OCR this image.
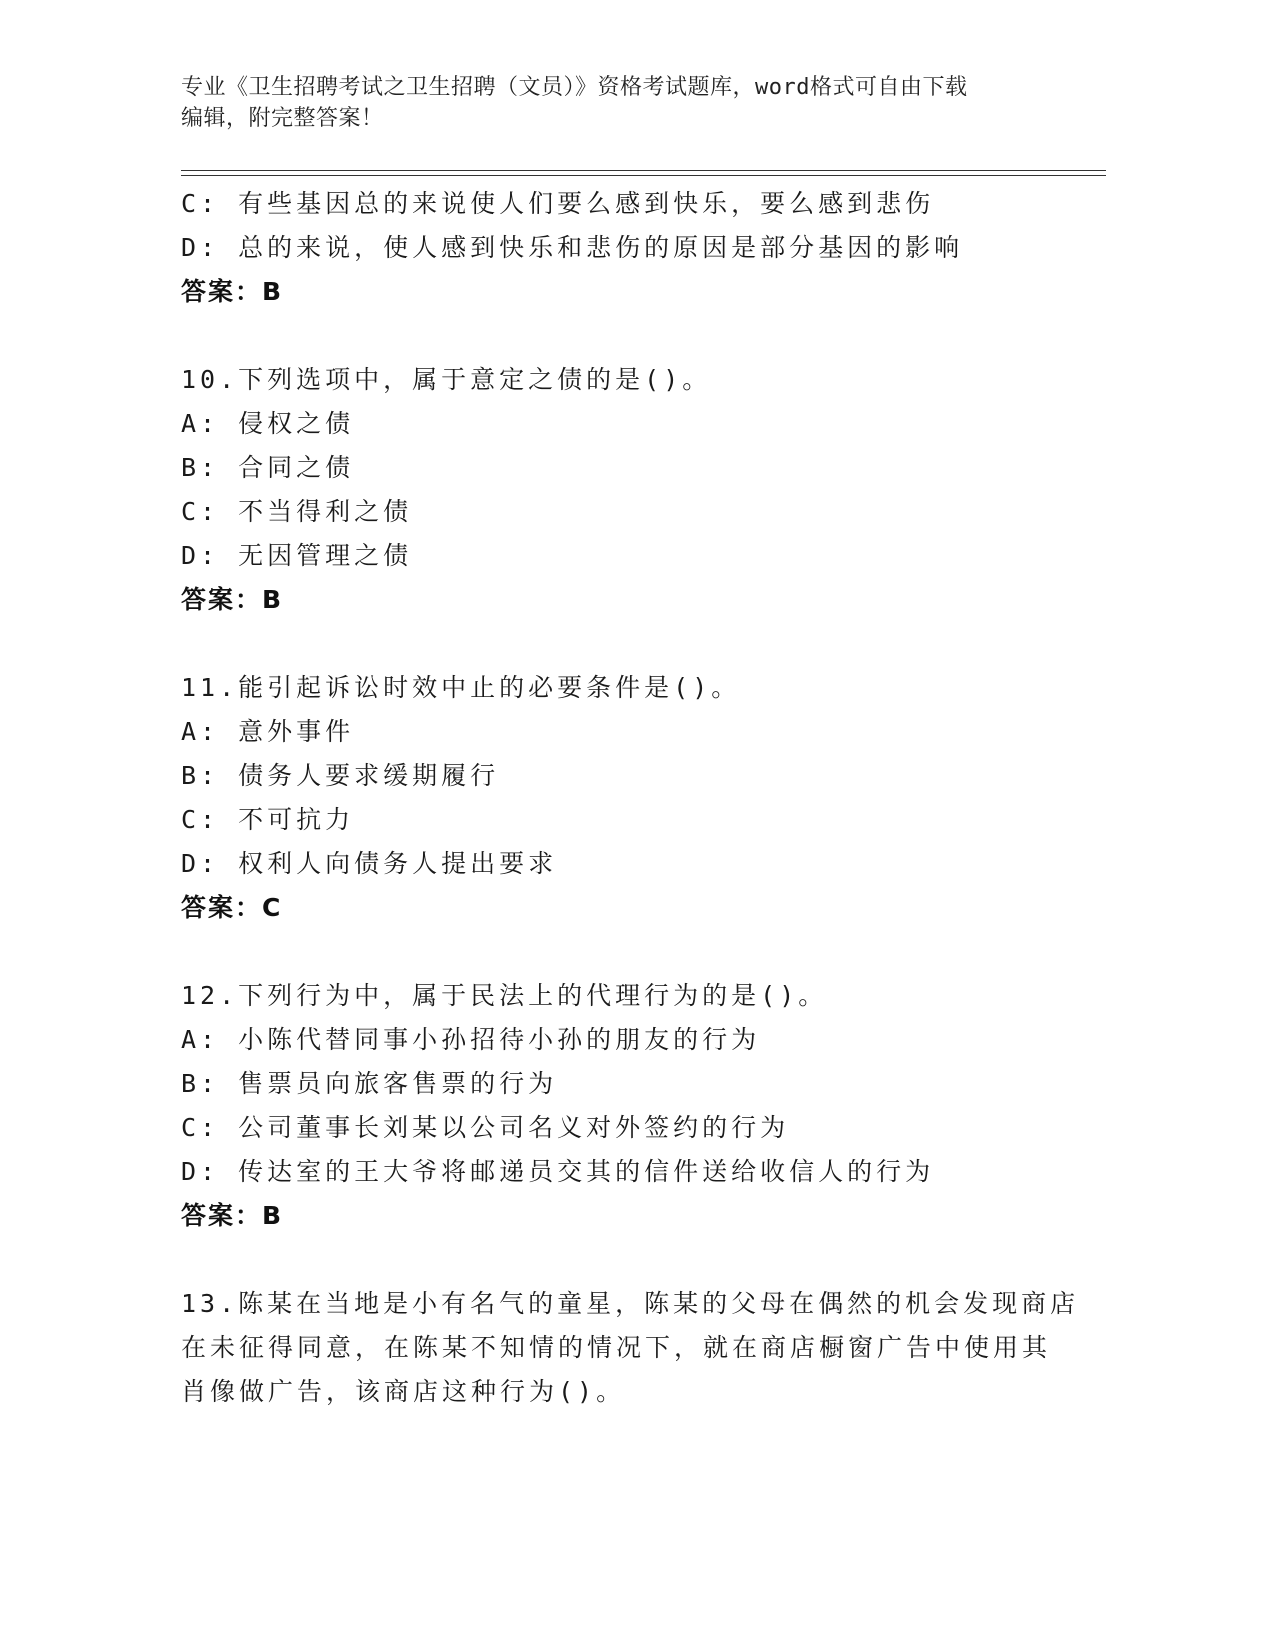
专业《卫生招聘考试之卫生招聘（文员）》资格考试题库，word格式可自由下载
编辑，附完整答案！
C: 有些基因总的来说使人们要么感到快乐，要么感到悲伤
D: 总的来说，使人感到快乐和悲伤的原因是部分基因的影响
答案：B
10.下列选项中，属于意定之债的是()。
A: 侵权之债
B: 合同之债
C: 不当得利之债
D: 无因管理之债
答案：B
11.能引起诉讼时效中止的必要条件是()。
A: 意外事件
B: 债务人要求缓期履行
C: 不可抗力
D: 权利人向债务人提出要求
答案：C
12.下列行为中，属于民法上的代理行为的是()。
A: 小陈代替同事小孙招待小孙的朋友的行为
B: 售票员向旅客售票的行为
C: 公司董事长刘某以公司名义对外签约的行为
D: 传达室的王大爷将邮递员交其的信件送给收信人的行为
答案：B
13.陈某在当地是小有名气的童星，陈某的父母在偶然的机会发现商店
在未征得同意，在陈某不知情的情况下，就在商店橱窗广告中使用其
肖像做广告，该商店这种行为()。
